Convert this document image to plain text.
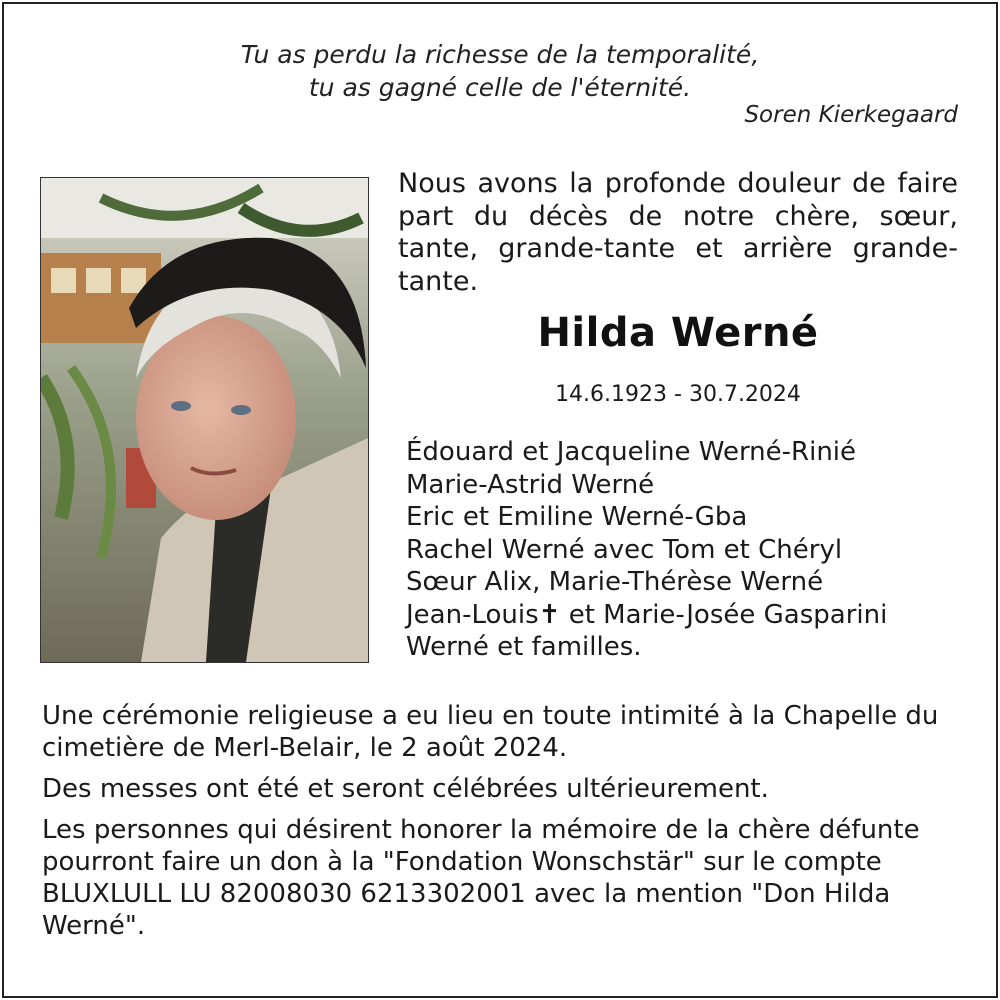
Tu as perdu la richesse de la temporalité,
tu as gagné celle de l'éternité.
Soren Kierkegaard
Nous avons la profonde douleur de faire part du décès de notre chère, sœur, tante, grande-tante et arrière grande-tante.
Hilda Werné
14.6.1923 - 30.7.2024
Édouard et Jacqueline Werné-Rinié
Marie-Astrid Werné
Eric et Emiline Werné-Gba
Rachel Werné avec Tom et Chéryl
Sœur Alix, Marie-Thérèse Werné
Jean-Louis✝ et Marie-Josée Gasparini
Werné et familles.

Une cérémonie religieuse a eu lieu en toute intimité à la Chapelle du cimetière de Merl-Belair, le 2 août 2024.

Des messes ont été et seront célébrées ultérieurement.

Les personnes qui désirent honorer la mémoire de la chère défunte pourront faire un don à la "Fondation Wonschstär" sur le compte BLUXLULL LU 82008030 6213302001 avec la mention "Don Hilda Werné".
